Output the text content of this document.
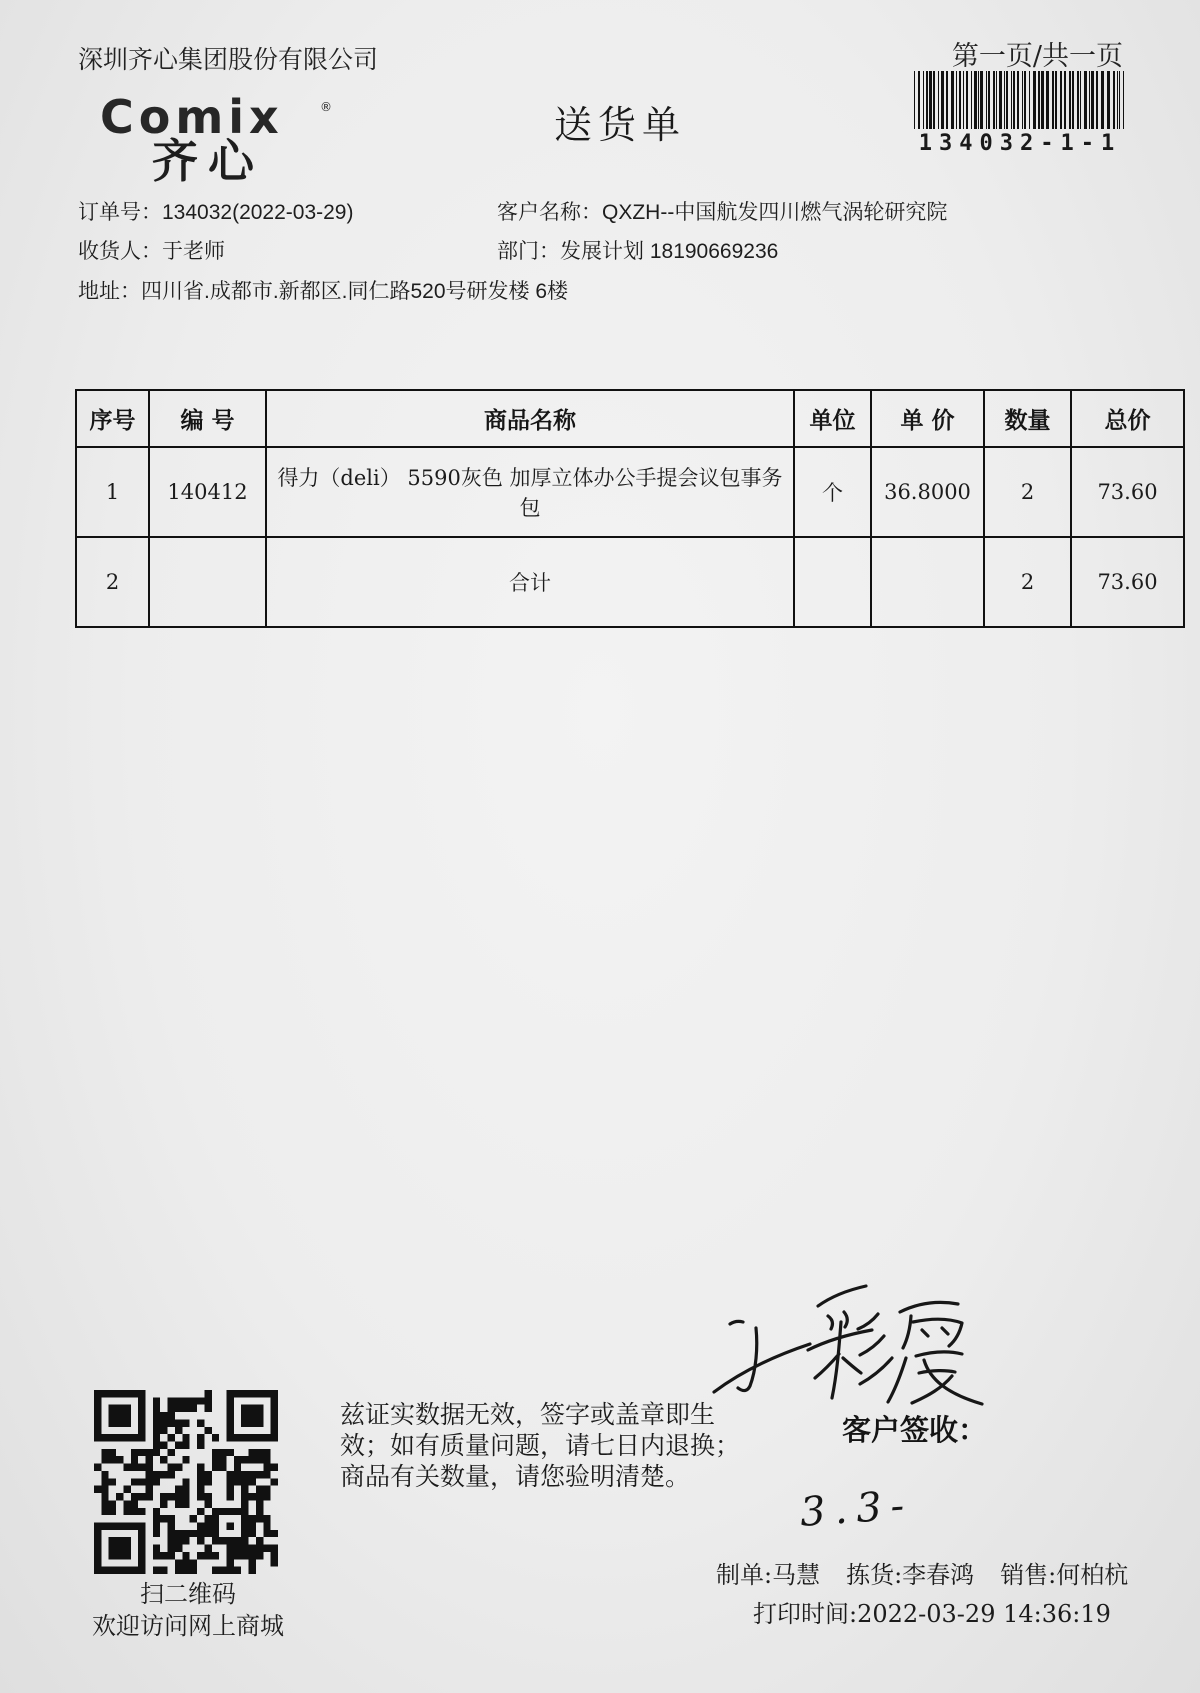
深圳齐心集团股份有限公司	第一页/共一页
134032-1-1
Comix	®
齐心
送货单
订单号：134032(2022-03-29)	客户名称：QXZH--中国航发四川燃气涡轮研究院
收货人：于老师	部门：发展计划 18190669236
地址：四川省.成都市.新都区.同仁路520号研发楼 6楼
序号	编 号	商品名称	单位	单 价	数量	总价
1	140412	得力（deli） 5590灰色 加厚立体办公手提会议包事务包	个	36.8000	2	73.60
2		合计			2	73.60
扫二维码
欢迎访问网上商城
兹证实数据无效，签字或盖章即生
效；如有质量问题，请七日内退换；
商品有关数量，请您验明清楚。
客户签收：
3.3-
制单:马慧 拣货:李春鸿 销售:何柏杭
打印时间:2022-03-29 14:36:19
